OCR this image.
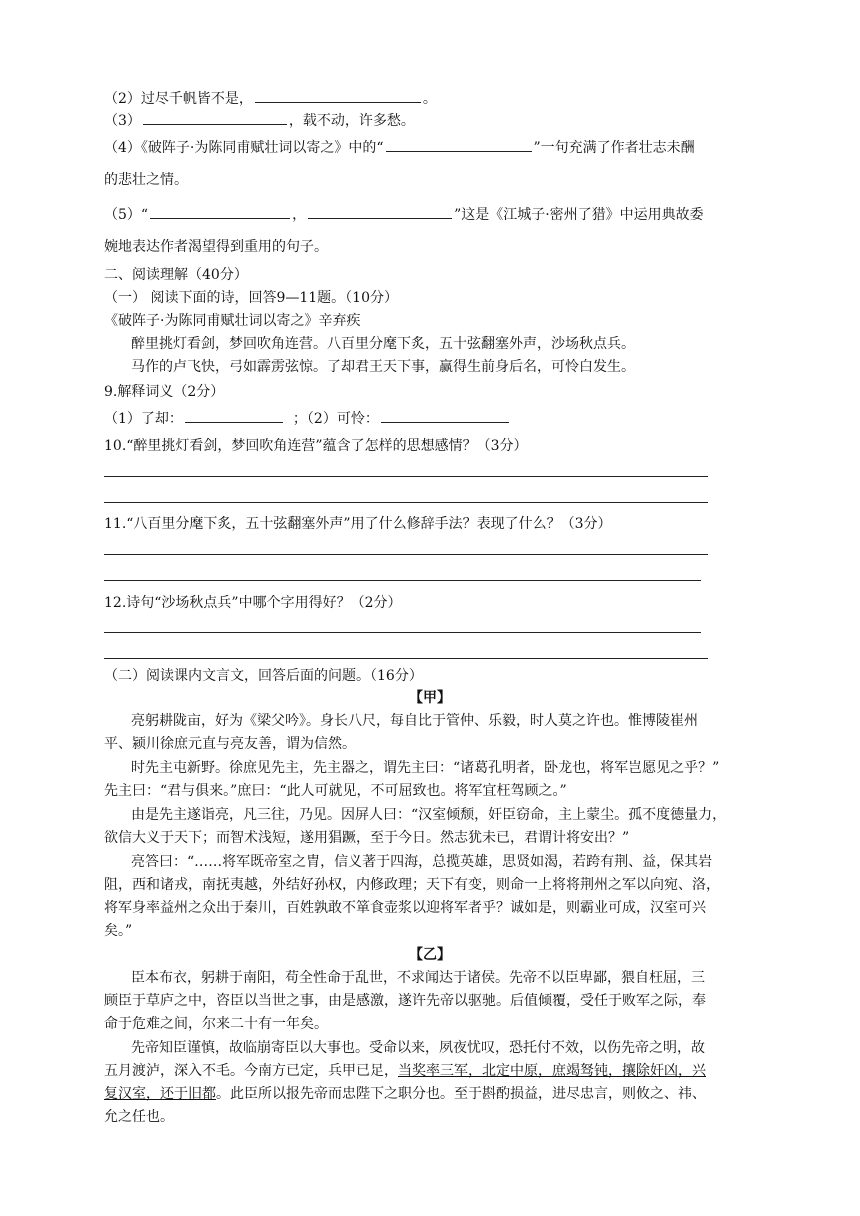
（2）过尽千帆皆不是，	。
（3）	，载不动，许多愁。
（4）《破阵子·为陈同甫赋壮词以寄之》中的“	”一句充满了作者壮志未酬
的悲壮之情。
（5）“	，	”这是《江城子·密州了猎》中运用典故委
婉地表达作者渴望得到重用的句子。
二、阅读理解（40分）
（一） 阅读下面的诗，回答9—11题。（10分）
《破阵子·为陈同甫赋壮词以寄之》辛弃疾
醉里挑灯看剑，梦回吹角连营。八百里分麾下炙，五十弦翻塞外声，沙场秋点兵。
马作的卢飞快，弓如霹雳弦惊。了却君王天下事，赢得生前身后名，可怜白发生。
9.解释词义（2分）
（1）了却：	；（2）可怜：
10.“醉里挑灯看剑，梦回吹角连营”蕴含了怎样的思想感情？（3分）
11.“八百里分麾下炙，五十弦翻塞外声”用了什么修辞手法？表现了什么？（3分）
12.诗句“沙场秋点兵”中哪个字用得好？（2分）
（二）阅读课内文言文，回答后面的问题。（16分）
【甲】
亮躬耕陇亩，好为《梁父吟》。身长八尺，每自比于管仲、乐毅，时人莫之许也。惟博陵崔州
平、颍川徐庶元直与亮友善，谓为信然。
时先主屯新野。徐庶见先主，先主器之，谓先主曰：“诸葛孔明者，卧龙也，将军岂愿见之乎？”
先主曰：“君与俱来。”庶曰：“此人可就见，不可屈致也。将军宜枉驾顾之。”
由是先主遂诣亮，凡三往，乃见。因屏人曰：“汉室倾颓，奸臣窃命，主上蒙尘。孤不度德量力，
欲信大义于天下；而智术浅短，遂用猖蹶，至于今日。然志犹未已，君谓计将安出？”
亮答曰：“……将军既帝室之胄，信义著于四海，总揽英雄，思贤如渴，若跨有荆、益，保其岩
阻，西和诸戎，南抚夷越，外结好孙权，内修政理；天下有变，则命一上将将荆州之军以向宛、洛，
将军身率益州之众出于秦川，百姓孰敢不箪食壶浆以迎将军者乎？诚如是，则霸业可成，汉室可兴
矣。”
【乙】
臣本布衣，躬耕于南阳，苟全性命于乱世，不求闻达于诸侯。先帝不以臣卑鄙，猥自枉屈，三
顾臣于草庐之中，咨臣以当世之事，由是感激，遂许先帝以驱驰。后值倾覆，受任于败军之际，奉
命于危难之间，尔来二十有一年矣。
先帝知臣谨慎，故临崩寄臣以大事也。受命以来，夙夜忧叹，恐托付不效，以伤先帝之明，故
五月渡泸，深入不毛。今南方已定，兵甲已足，当奖率三军，北定中原，庶竭驽钝，攘除奸凶，兴
复汉室，还于旧都。此臣所以报先帝而忠陛下之职分也。至于斟酌损益，进尽忠言，则攸之、祎、
允之任也。
